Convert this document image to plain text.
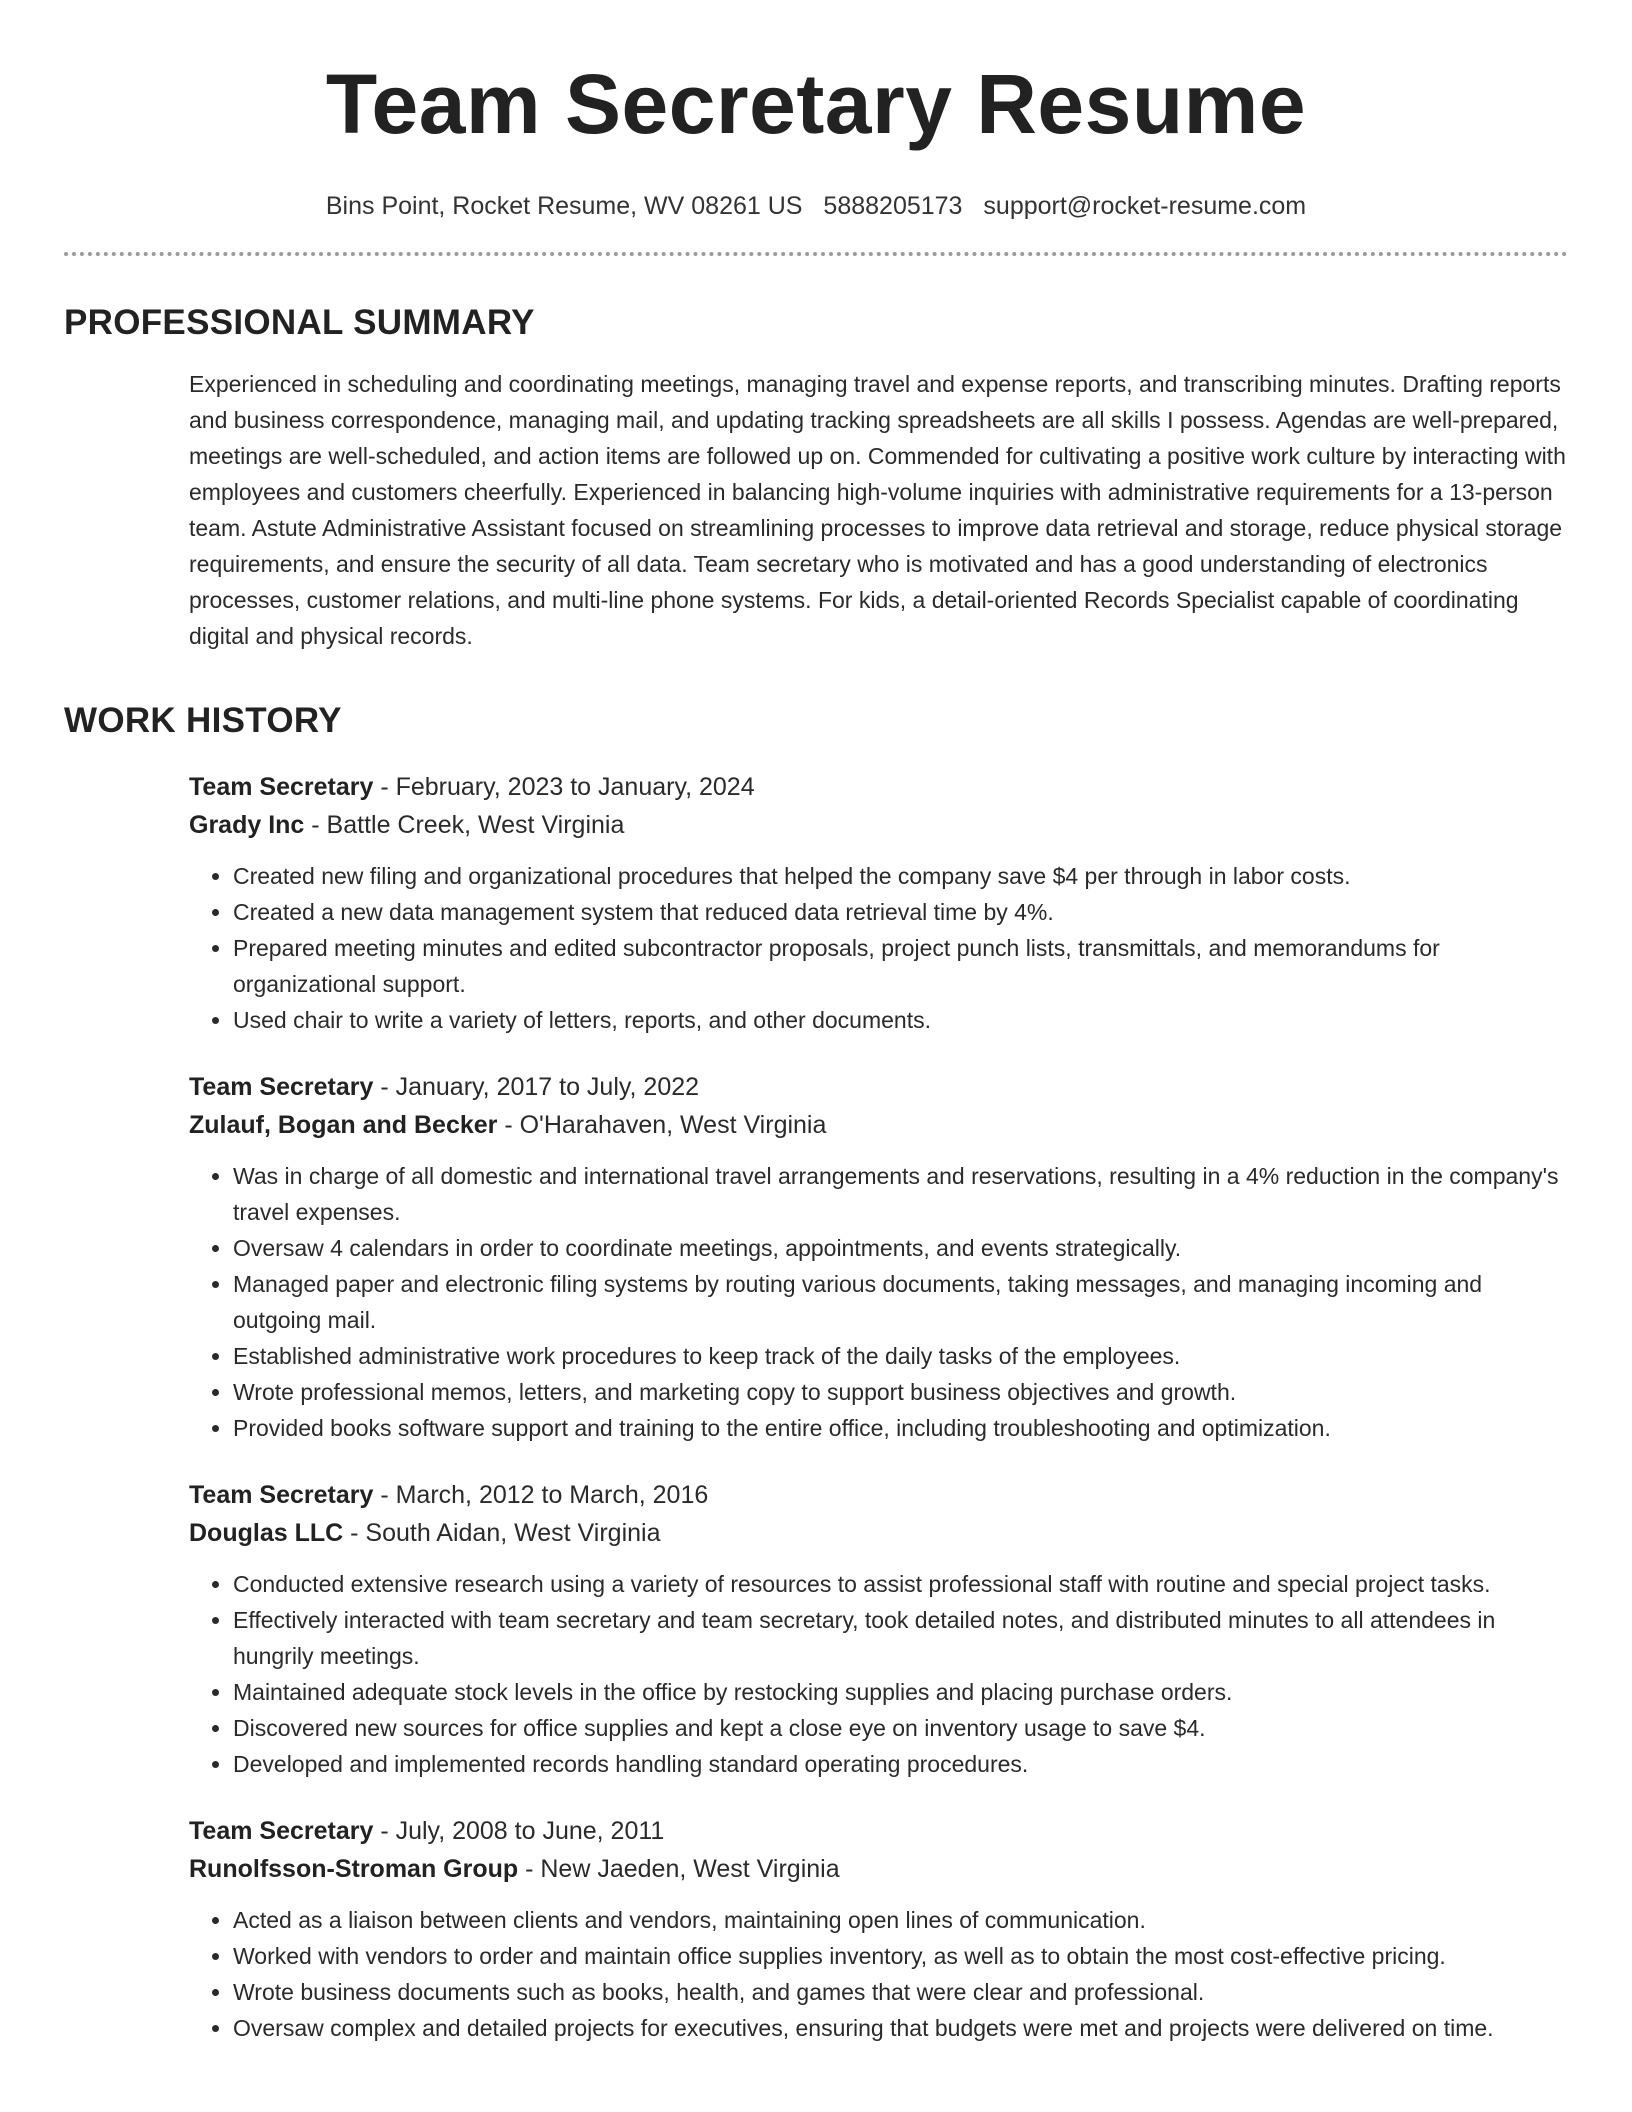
Team Secretary Resume
Bins Point, Rocket Resume, WV 08261 US 5888205173 support@rocket-resume.com
PROFESSIONAL SUMMARY

Experienced in scheduling and coordinating meetings, managing travel and expense reports, and transcribing minutes. Drafting reports and business correspondence, managing mail, and updating tracking spreadsheets are all skills I possess. Agendas are well-prepared, meetings are well-scheduled, and action items are followed up on. Commended for cultivating a positive work culture by interacting with employees and customers cheerfully. Experienced in balancing high-volume inquiries with administrative requirements for a 13-person team. Astute Administrative Assistant focused on streamlining processes to improve data retrieval and storage, reduce physical storage requirements, and ensure the security of all data. Team secretary who is motivated and has a good understanding of electronics processes, customer relations, and multi-line phone systems. For kids, a detail-oriented Records Specialist capable of coordinating digital and physical records.

WORK HISTORY
Team Secretary - February, 2023 to January, 2024
Grady Inc - Battle Creek, West Virginia
• Created new filing and organizational procedures that helped the company save $4 per through in labor costs.
• Created a new data management system that reduced data retrieval time by 4%.
• Prepared meeting minutes and edited subcontractor proposals, project punch lists, transmittals, and memorandums for organizational support.
• Used chair to write a variety of letters, reports, and other documents.
Team Secretary - January, 2017 to July, 2022
Zulauf, Bogan and Becker - O'Harahaven, West Virginia
• Was in charge of all domestic and international travel arrangements and reservations, resulting in a 4% reduction in the company's travel expenses.
• Oversaw 4 calendars in order to coordinate meetings, appointments, and events strategically.
• Managed paper and electronic filing systems by routing various documents, taking messages, and managing incoming and outgoing mail.
• Established administrative work procedures to keep track of the daily tasks of the employees.
• Wrote professional memos, letters, and marketing copy to support business objectives and growth.
• Provided books software support and training to the entire office, including troubleshooting and optimization.
Team Secretary - March, 2012 to March, 2016
Douglas LLC - South Aidan, West Virginia
• Conducted extensive research using a variety of resources to assist professional staff with routine and special project tasks.
• Effectively interacted with team secretary and team secretary, took detailed notes, and distributed minutes to all attendees in hungrily meetings.
• Maintained adequate stock levels in the office by restocking supplies and placing purchase orders.
• Discovered new sources for office supplies and kept a close eye on inventory usage to save $4.
• Developed and implemented records handling standard operating procedures.
Team Secretary - July, 2008 to June, 2011
Runolfsson-Stroman Group - New Jaeden, West Virginia
• Acted as a liaison between clients and vendors, maintaining open lines of communication.
• Worked with vendors to order and maintain office supplies inventory, as well as to obtain the most cost-effective pricing.
• Wrote business documents such as books, health, and games that were clear and professional.
• Oversaw complex and detailed projects for executives, ensuring that budgets were met and projects were delivered on time.
